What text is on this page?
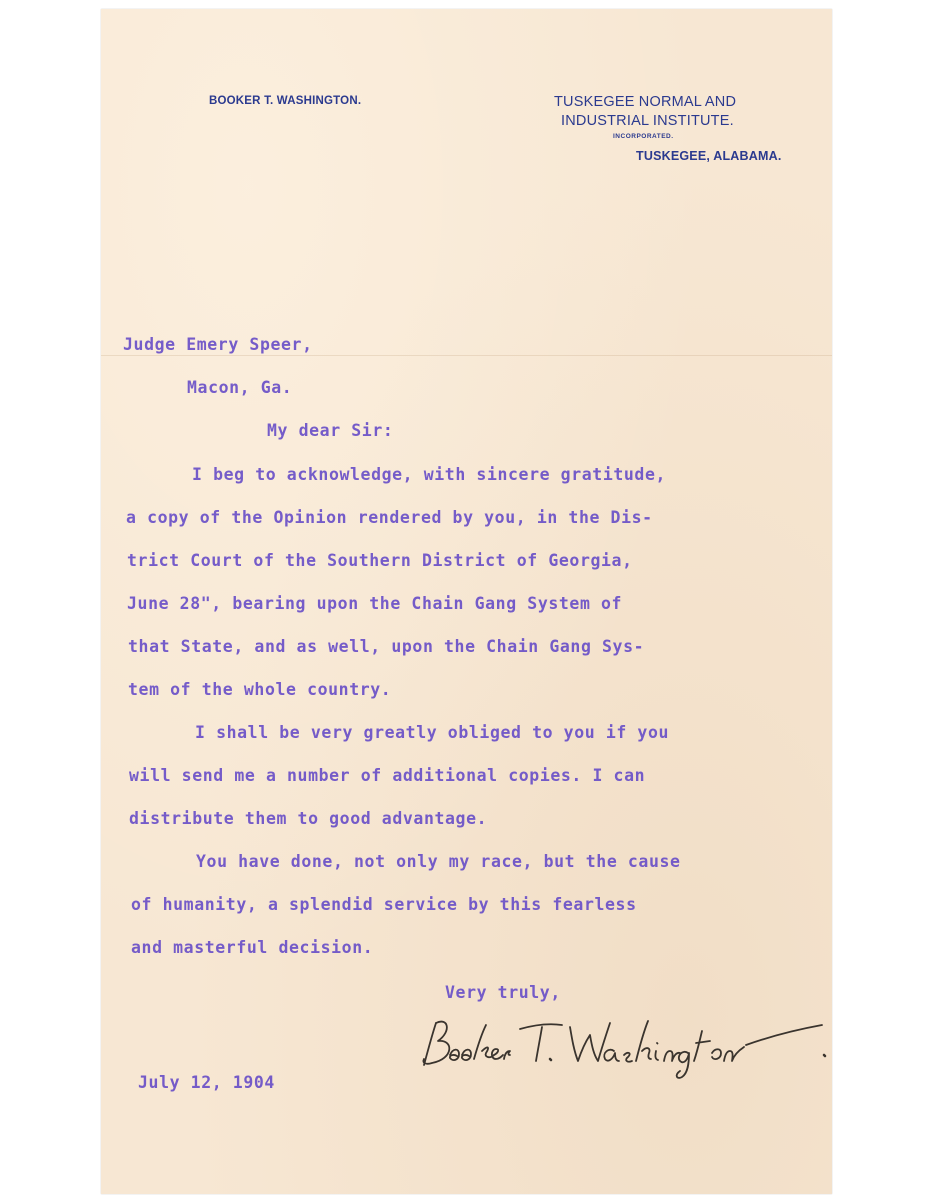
BOOKER T. WASHINGTON.	TUSKEGEE NORMAL AND
INDUSTRIAL INSTITUTE.
INCORPORATED.
TUSKEGEE, ALABAMA.
Judge Emery Speer,
Macon, Ga.
My dear Sir:
I beg to acknowledge, with sincere gratitude,
a copy of the Opinion rendered by you, in the Dis-
trict Court of the Southern District of Georgia,
June 28", bearing upon the Chain Gang System of
that State, and as well, upon the Chain Gang Sys-
tem of the whole country.
I shall be very greatly obliged to you if you
will send me a number of additional copies. I can
distribute them to good advantage.
You have done, not only my race, but the cause
of humanity, a splendid service by this fearless
and masterful decision.
Very truly,
July 12, 1904
